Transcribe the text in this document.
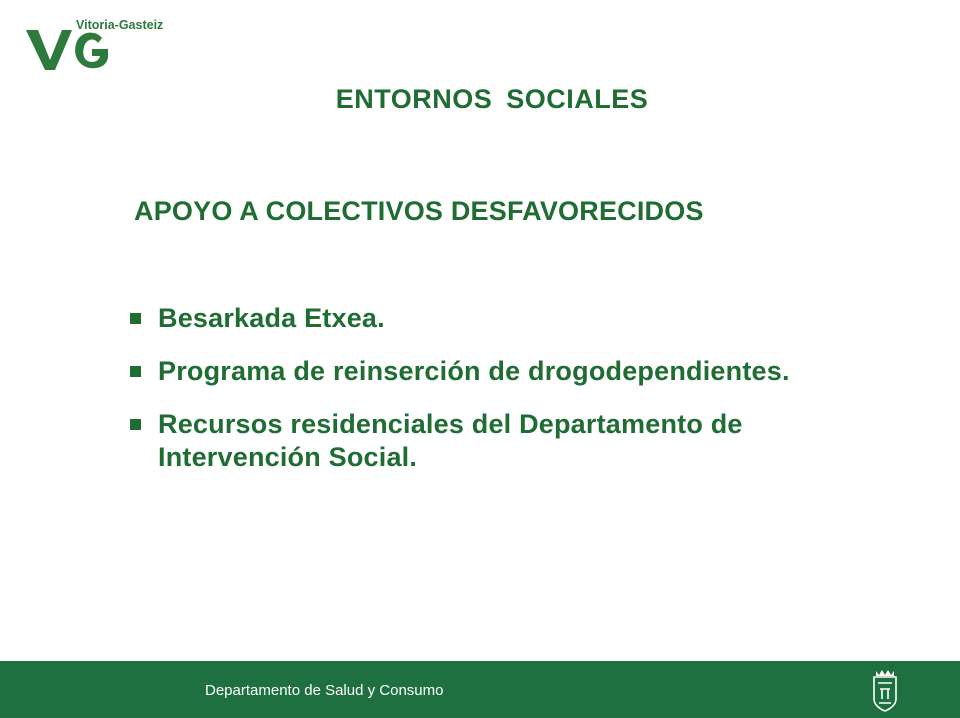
Vitoria-Gasteiz
ENTORNOS SOCIALES
APOYO A COLECTIVOS DESFAVORECIDOS
Besarkada Etxea.
Programa de reinserción de drogodependientes.
Recursos residenciales del Departamento de
Intervención Social.
Departamento de Salud y Consumo
